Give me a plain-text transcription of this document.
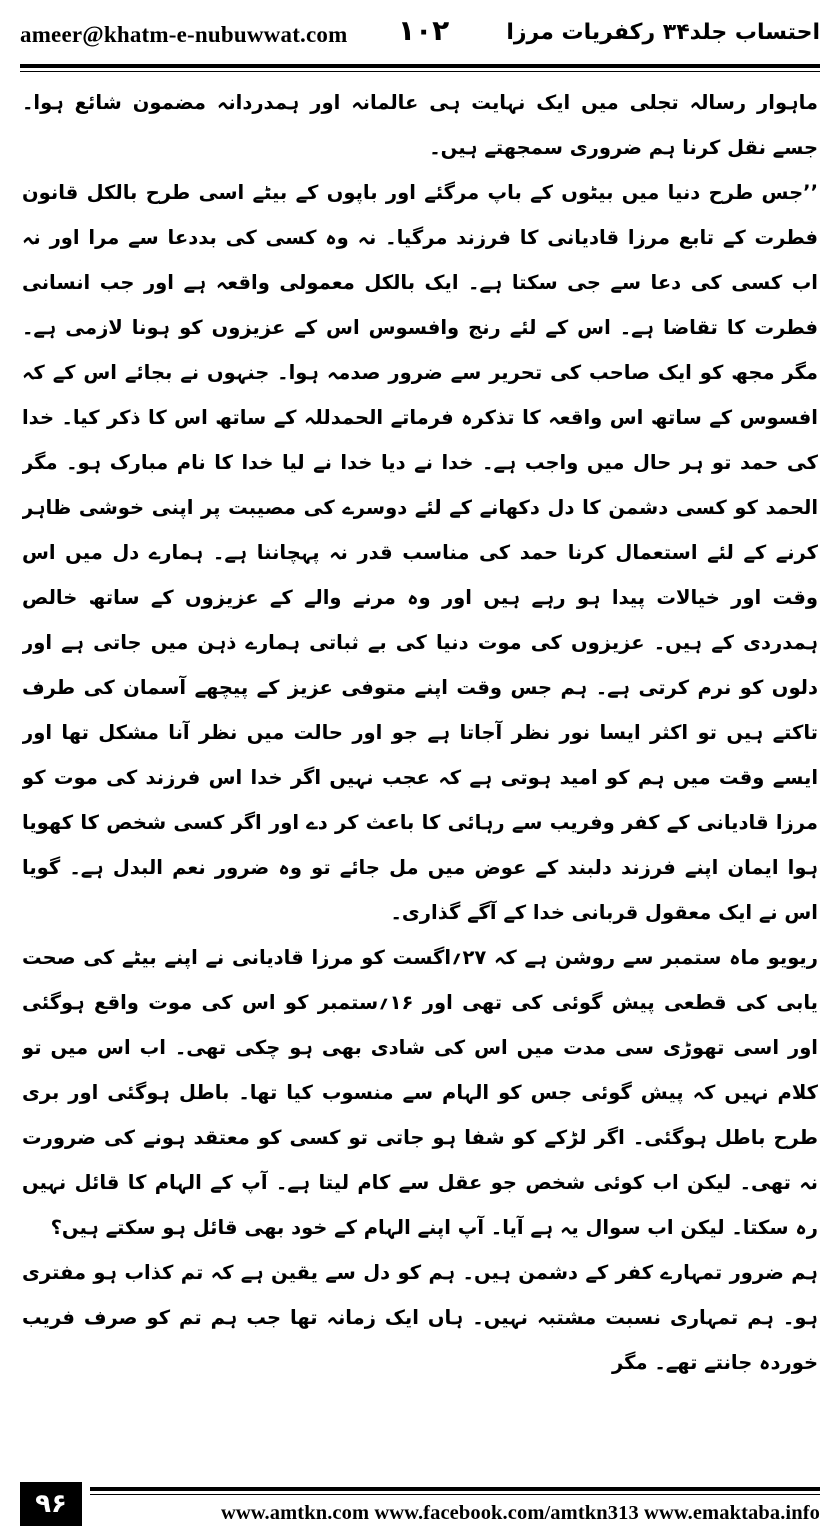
ameer@khatm-e-nubuwwat.com ۱۰۲	احتساب جلد۳۴ رکفریات مرزا

ماہوار رسالہ تجلی میں ایک نہایت ہی عالمانہ اور ہمدردانہ مضمون شائع ہوا۔ جسے نقل کرنا ہم ضروری سمجھتے ہیں۔

’’جس طرح دنیا میں بیٹوں کے باپ مرگئے اور باپوں کے بیٹے اسی طرح بالکل قانون فطرت کے تابع مرزا قادیانی کا فرزند مرگیا۔ نہ وہ کسی کی بددعا سے مرا اور نہ اب کسی کی دعا سے جی سکتا ہے۔ ایک بالکل معمولی واقعہ ہے اور جب انسانی فطرت کا تقاضا ہے۔ اس کے لئے رنج وافسوس اس کے عزیزوں کو ہونا لازمی ہے۔ مگر مجھ کو ایک صاحب کی تحریر سے ضرور صدمہ ہوا۔ جنہوں نے بجائے اس کے کہ افسوس کے ساتھ اس واقعہ کا تذکرہ فرماتے الحمدللہ کے ساتھ اس کا ذکر کیا۔ خدا کی حمد تو ہر حال میں واجب ہے۔ خدا نے دیا خدا نے لیا خدا کا نام مبارک ہو۔ مگر الحمد کو کسی دشمن کا دل دکھانے کے لئے دوسرے کی مصیبت پر اپنی خوشی ظاہر کرنے کے لئے استعمال کرنا حمد کی مناسب قدر نہ پہچاننا ہے۔ ہمارے دل میں اس وقت اور خیالات پیدا ہو رہے ہیں اور وہ مرنے والے کے عزیزوں کے ساتھ خالص ہمدردی کے ہیں۔ عزیزوں کی موت دنیا کی بے ثباتی ہمارے ذہن میں جاتی ہے اور دلوں کو نرم کرتی ہے۔ ہم جس وقت اپنے متوفی عزیز کے پیچھے آسمان کی طرف تاکتے ہیں تو اکثر ایسا نور نظر آجاتا ہے جو اور حالت میں نظر آنا مشکل تھا اور ایسے وقت میں ہم کو امید ہوتی ہے کہ عجب نہیں اگر خدا اس فرزند کی موت کو مرزا قادیانی کے کفر وفریب سے رہائی کا باعث کر دے اور اگر کسی شخص کا کھویا ہوا ایمان اپنے فرزند دلبند کے عوض میں مل جائے تو وہ ضرور نعم البدل ہے۔ گویا اس نے ایک معقول قربانی خدا کے آگے گذاری۔

ریویو ماہ ستمبر سے روشن ہے کہ ۲۷؍اگست کو مرزا قادیانی نے اپنے بیٹے کی صحت یابی کی قطعی پیش گوئی کی تھی اور ۱۶؍ستمبر کو اس کی موت واقع ہوگئی اور اسی تھوڑی سی مدت میں اس کی شادی بھی ہو چکی تھی۔ اب اس میں تو کلام نہیں کہ پیش گوئی جس کو الہام سے منسوب کیا تھا۔ باطل ہوگئی اور بری طرح باطل ہوگئی۔ اگر لڑکے کو شفا ہو جاتی تو کسی کو معتقد ہونے کی ضرورت نہ تھی۔ لیکن اب کوئی شخص جو عقل سے کام لیتا ہے۔ آپ کے الہام کا قائل نہیں رہ سکتا۔ لیکن اب سوال یہ ہے آیا۔ آپ اپنے الہام کے خود بھی قائل ہو سکتے ہیں؟

ہم ضرور تمہارے کفر کے دشمن ہیں۔ ہم کو دل سے یقین ہے کہ تم کذاب ہو مفتری ہو۔ ہم تمہاری نسبت مشتبہ نہیں۔ ہاں ایک زمانہ تھا جب ہم تم کو صرف فریب خوردہ جانتے تھے۔ مگر

۹۶	www.amtkn.com www.facebook.com/amtkn313 www.emaktaba.info
